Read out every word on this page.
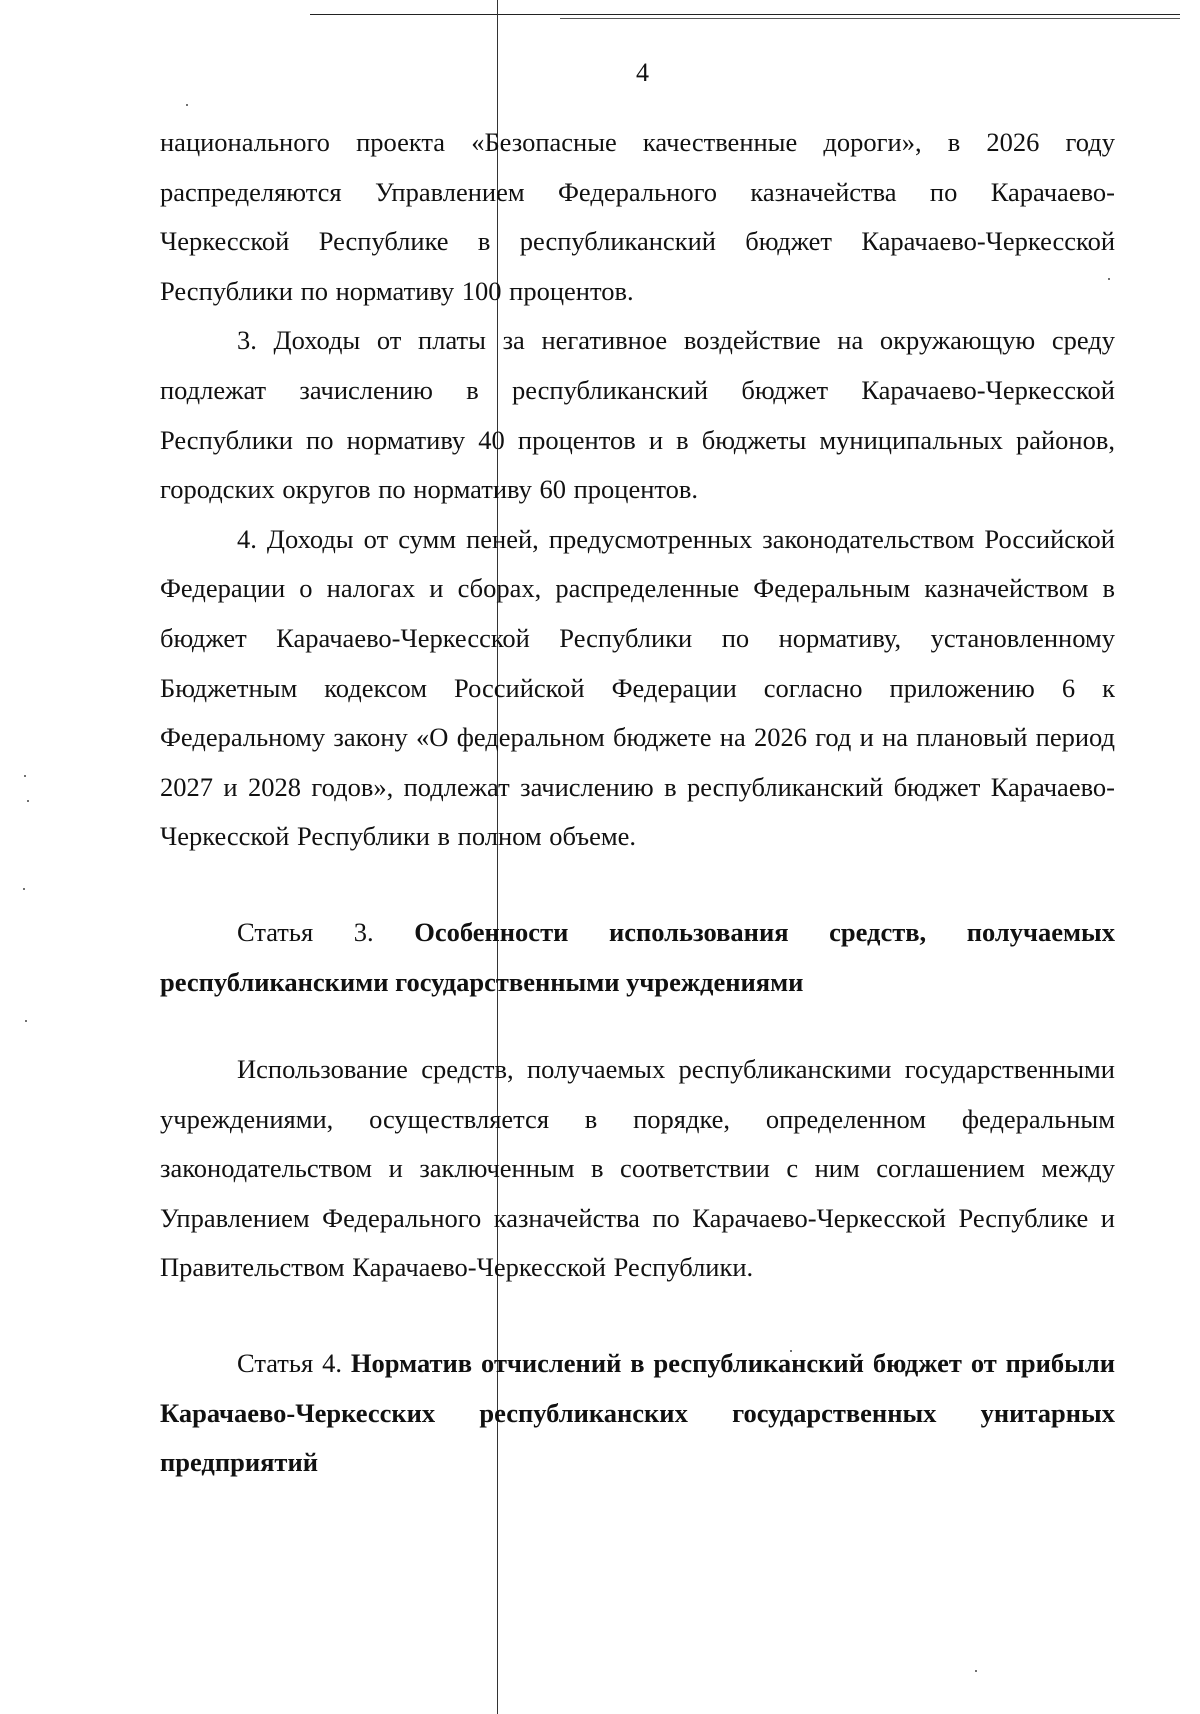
4

национального проекта «Безопасные качественные дороги», в 2026 году распределяются Управлением Федерального казначейства по Карачаево-Черкесской Республике в республиканский бюджет Карачаево-Черкесской Республики по нормативу 100 процентов.

3. Доходы от платы за негативное воздействие на окружающую среду подлежат зачислению в республиканский бюджет Карачаево-Черкесской Республики по нормативу 40 процентов и в бюджеты муниципальных районов, городских округов по нормативу 60 процентов.

4. Доходы от сумм пеней, предусмотренных законодательством Российской Федерации о налогах и сборах, распределенные Федеральным казначейством в бюджет Карачаево-Черкесской Республики по нормативу, установленному Бюджетным кодексом Российской Федерации согласно приложению 6 к Федеральному закону «О федеральном бюджете на 2026 год и на плановый период 2027 и 2028 годов», подлежат зачислению в республиканский бюджет Карачаево-Черкесской Республики в полном объеме.

Статья 3. Особенности использования средств, получаемых республиканскими государственными учреждениями

Использование средств, получаемых республиканскими государственными учреждениями, осуществляется в порядке, определенном федеральным законодательством и заключенным в соответствии с ним соглашением между Управлением Федерального казначейства по Карачаево-Черкесской Республике и Правительством Карачаево-Черкесской Республики.

Статья 4. Норматив отчислений в республиканский бюджет от прибыли Карачаево-Черкесских республиканских государственных унитарных предприятий
